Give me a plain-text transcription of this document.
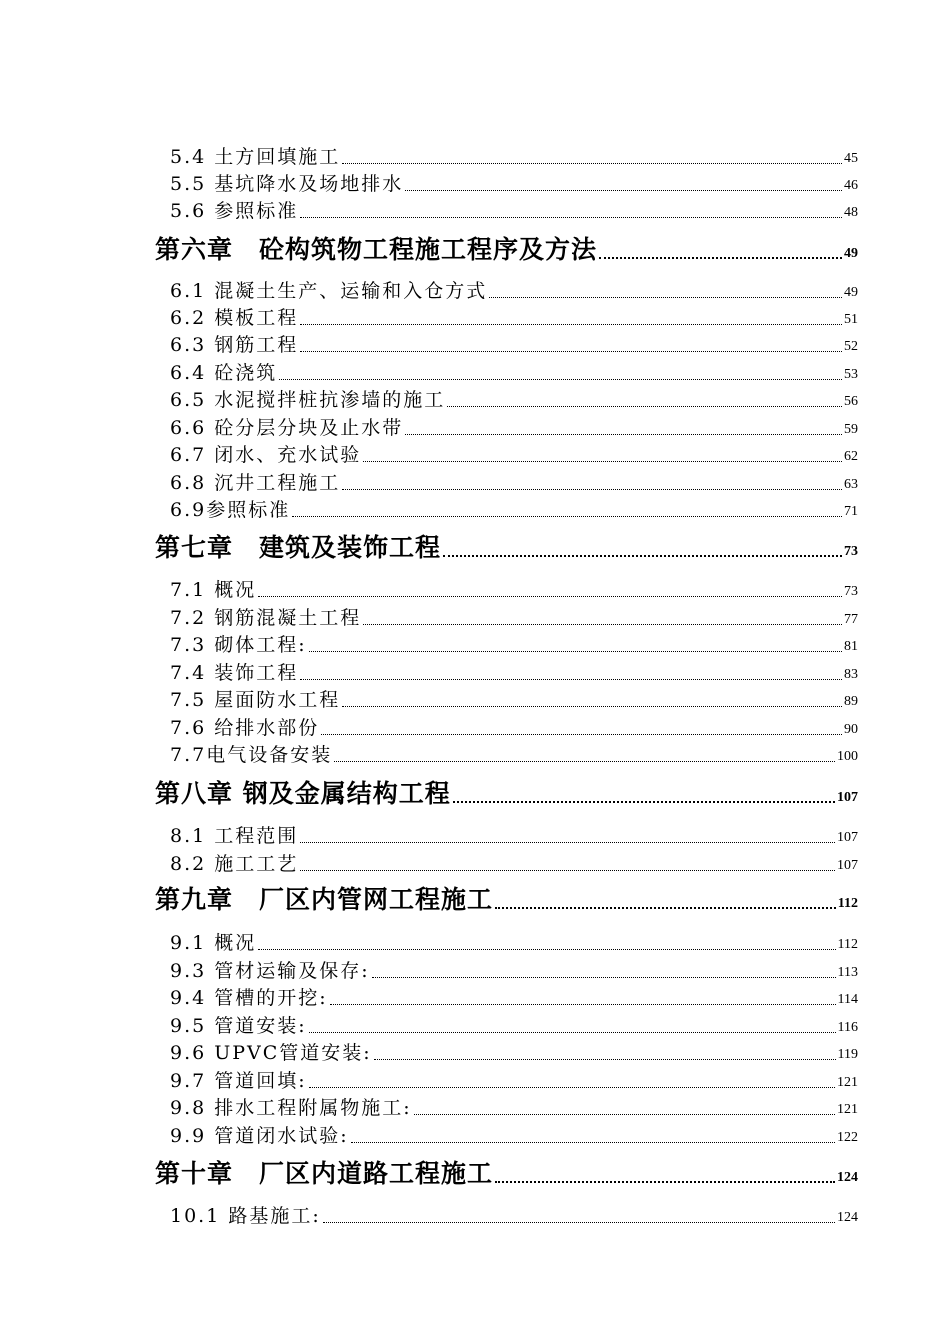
5.4 土方回填施工	45
5.5 基坑降水及场地排水	46
5.6 参照标准	48
第六章　砼构筑物工程施工程序及方法	49
6.1 混凝土生产、运输和入仓方式	49
6.2 模板工程	51
6.3 钢筋工程	52
6.4 砼浇筑	53
6.5 水泥搅拌桩抗渗墙的施工	56
6.6 砼分层分块及止水带	59
6.7 闭水、充水试验	62
6.8 沉井工程施工	63
6.9参照标准	71
第七章　建筑及装饰工程	73
7.1 概况	73
7.2 钢筋混凝土工程	77
7.3 砌体工程:	81
7.4 装饰工程	83
7.5 屋面防水工程	89
7.6 给排水部份	90
7.7电气设备安装	100
第八章 钢及金属结构工程	107
8.1 工程范围	107
8.2 施工工艺	107
第九章　厂区内管网工程施工	112
9.1 概况	112
9.3 管材运输及保存:	113
9.4 管槽的开挖:	114
9.5 管道安装:	116
9.6 UPVC管道安装:	119
9.7 管道回填:	121
9.8 排水工程附属物施工:	121
9.9 管道闭水试验:	122
第十章　厂区内道路工程施工	124
10.1 路基施工:	124
